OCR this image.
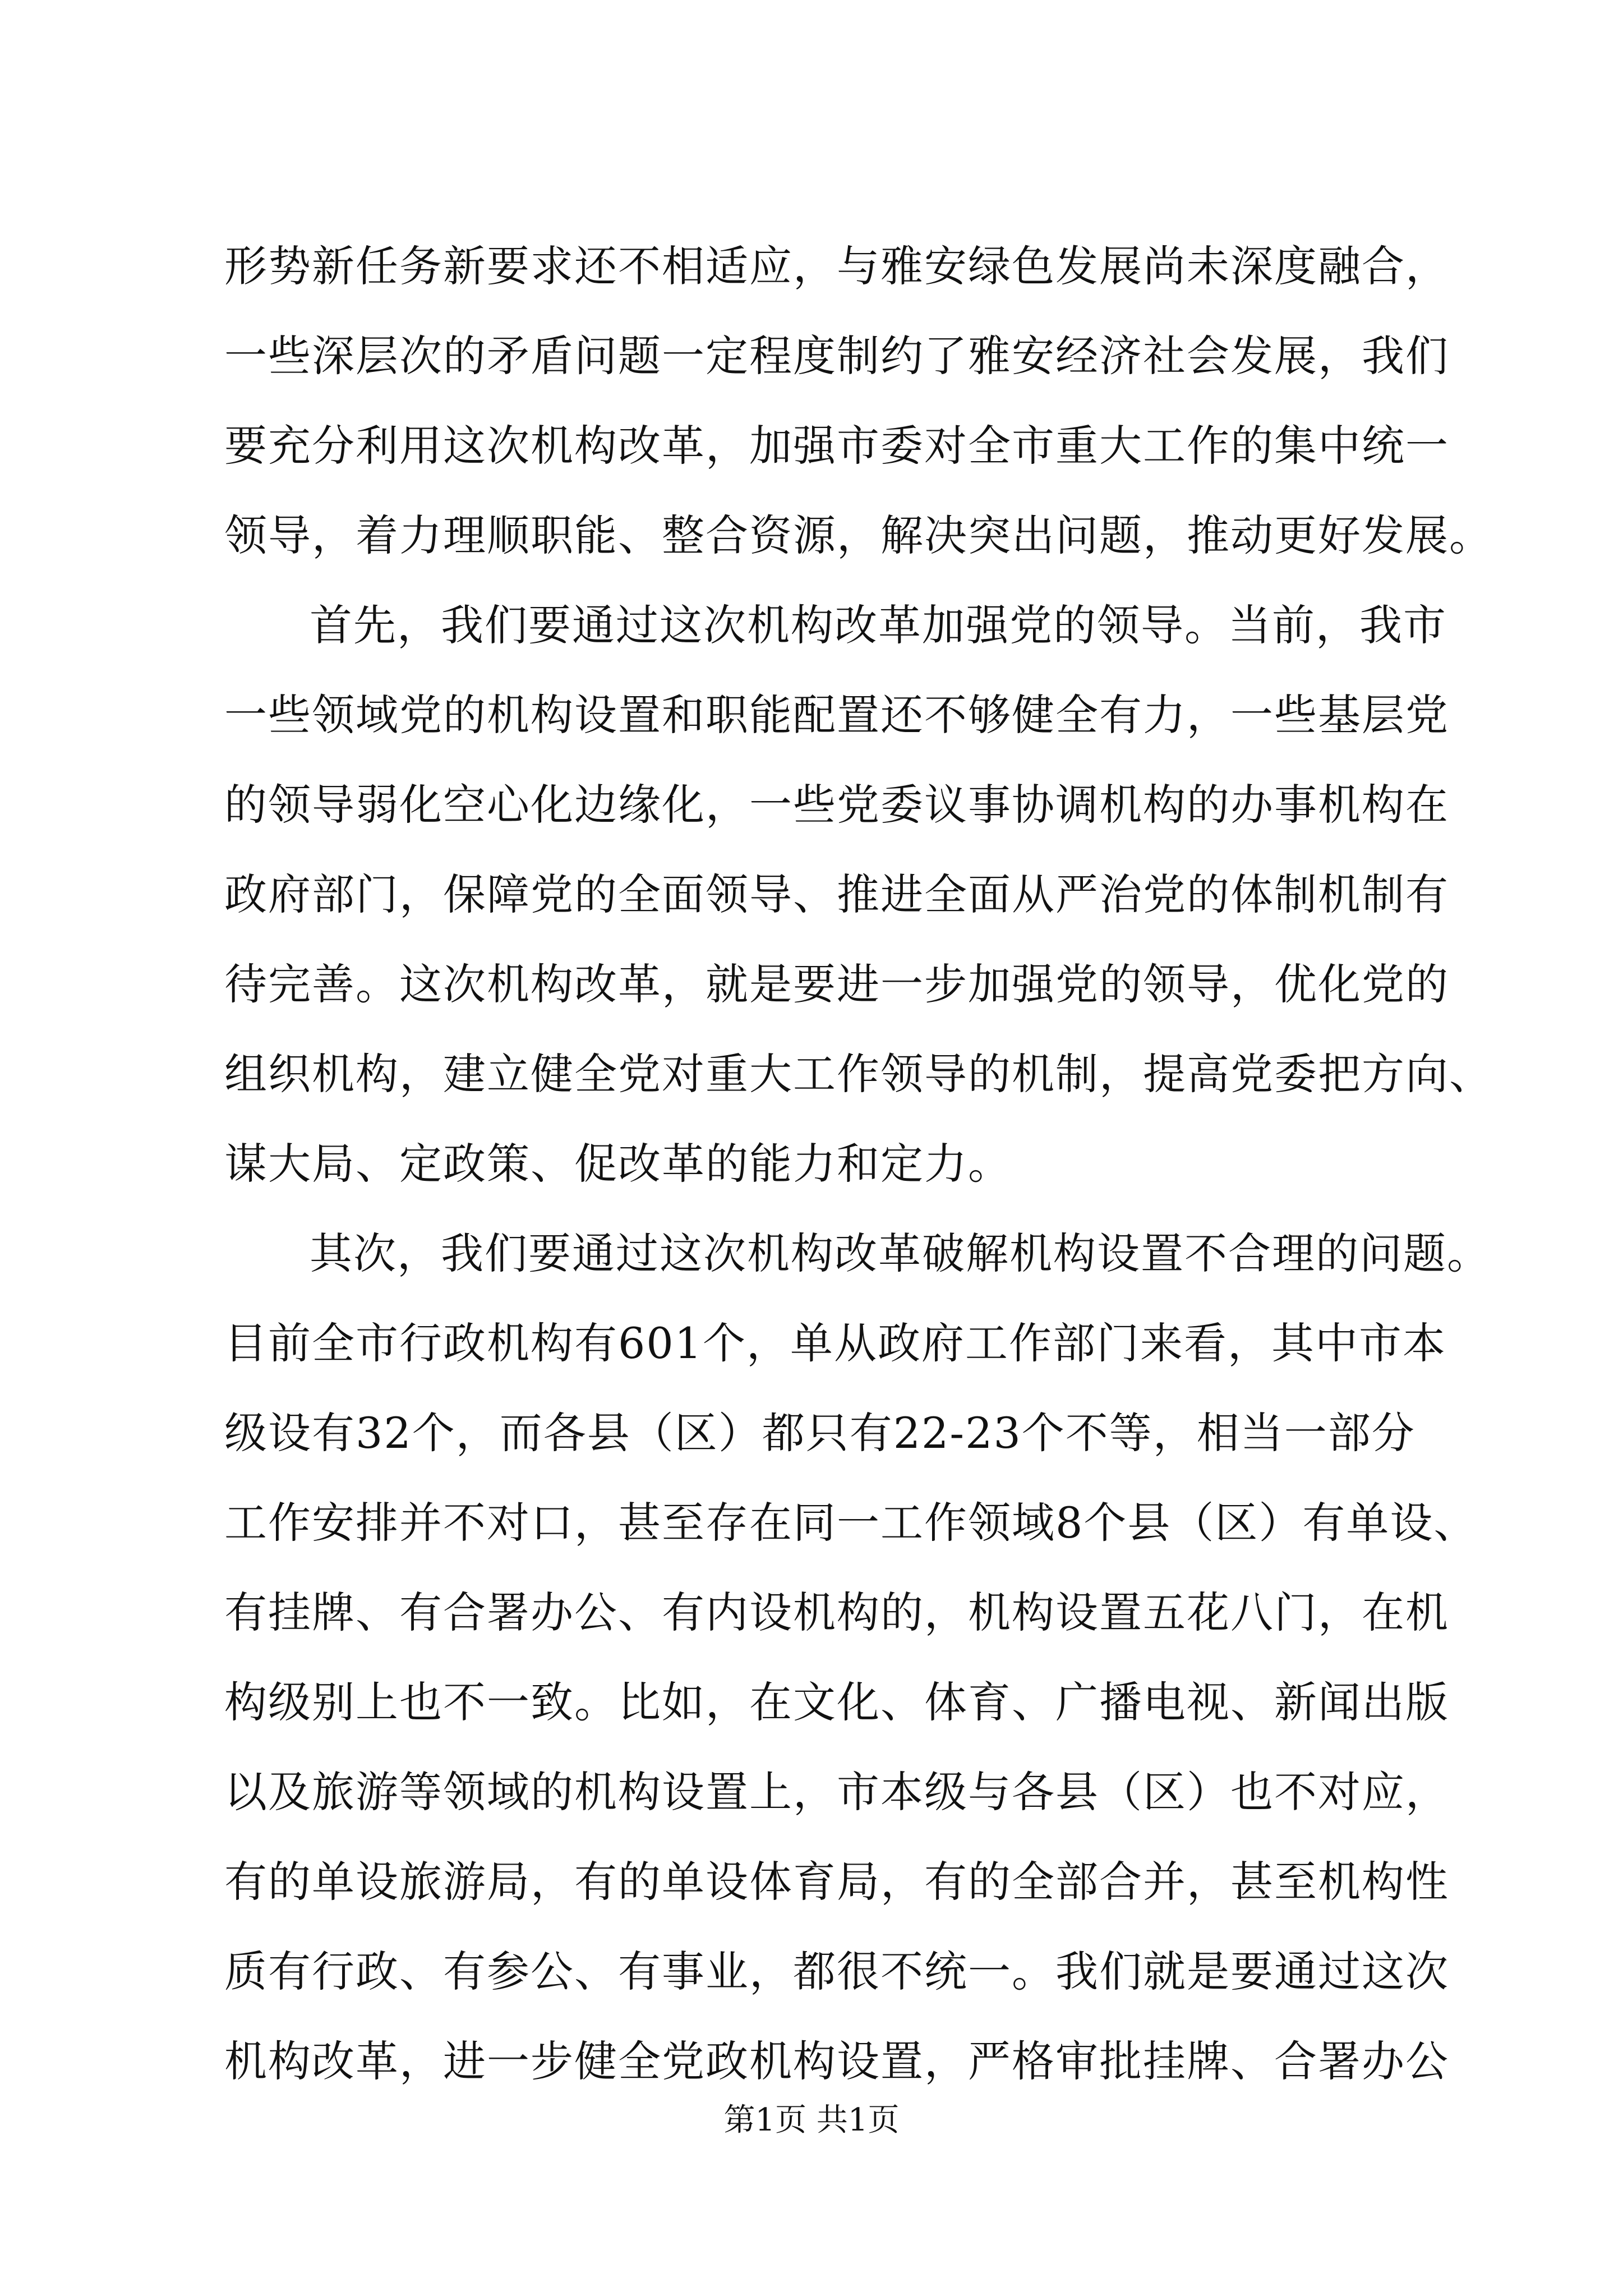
形势新任务新要求还不相适应，与雅安绿色发展尚未深度融合，
一些深层次的矛盾问题一定程度制约了雅安经济社会发展，我们
要充分利用这次机构改革，加强市委对全市重大工作的集中统一
领导，着力理顺职能、整合资源，解决突出问题，推动更好发展。
首先，我们要通过这次机构改革加强党的领导。当前，我市
一些领域党的机构设置和职能配置还不够健全有力，一些基层党
的领导弱化空心化边缘化，一些党委议事协调机构的办事机构在
政府部门，保障党的全面领导、推进全面从严治党的体制机制有
待完善。这次机构改革，就是要进一步加强党的领导，优化党的
组织机构，建立健全党对重大工作领导的机制，提高党委把方向、
谋大局、定政策、促改革的能力和定力。
其次，我们要通过这次机构改革破解机构设置不合理的问题。
目前全市行政机构有601个，单从政府工作部门来看，其中市本
级设有32个，而各县（区）都只有22-23个不等，相当一部分
工作安排并不对口，甚至存在同一工作领域8个县（区）有单设、
有挂牌、有合署办公、有内设机构的，机构设置五花八门，在机
构级别上也不一致。比如，在文化、体育、广播电视、新闻出版
以及旅游等领域的机构设置上，市本级与各县（区）也不对应，
有的单设旅游局，有的单设体育局，有的全部合并，甚至机构性
质有行政、有参公、有事业，都很不统一。我们就是要通过这次
机构改革，进一步健全党政机构设置，严格审批挂牌、合署办公
第1页 共1页
